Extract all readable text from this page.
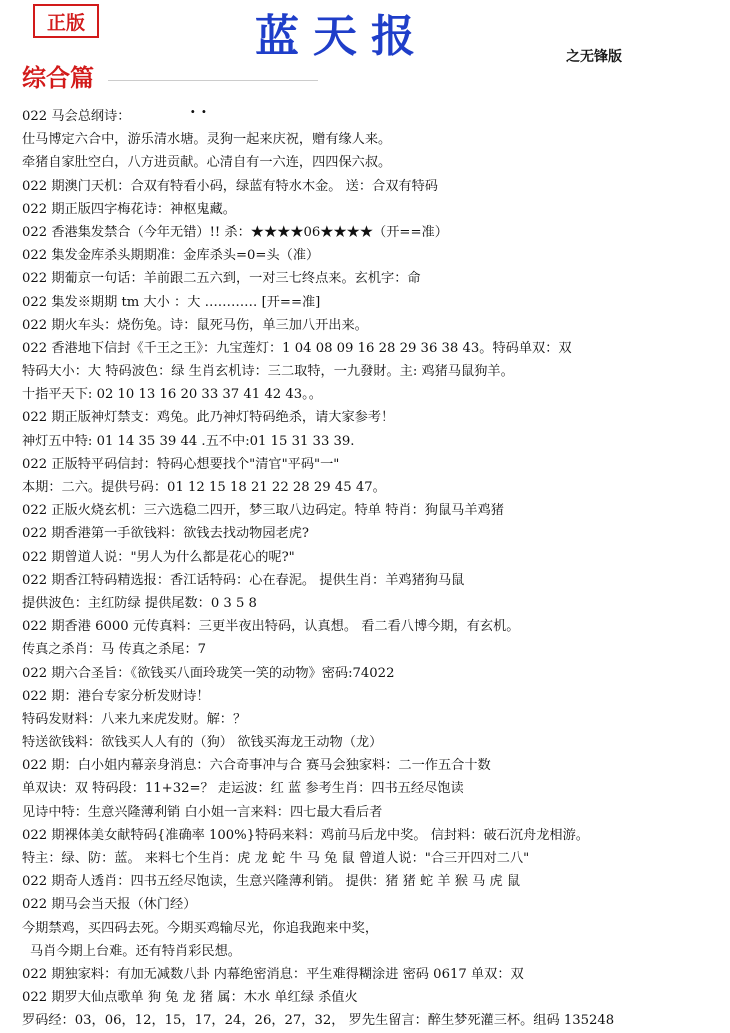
正版	蓝天报	之无锋版
综合篇
. .
022 马会总纲诗：
仕马博定六合中，游乐清水塘。灵狗一起来庆祝，赠有缘人来。
牵猪自家肚空白，八方进贡献。心清自有一六连，四四保六叔。
022 期澳门天机：合双有特看小码，绿蓝有特水木金。 送：合双有特码
022 期正版四字梅花诗：神枢鬼藏。
022 香港集发禁合（今年无错）!! 杀：★★★★06★★★★（开==准）
022 集发金库杀头期期准：金库杀头=0=头（准）
022 期葡京一句话：羊前跟二五六到，一对三七终点来。玄机字：命
022 集发※期期 tm 大小 ：大 ………… [开==准]
022 期火车头：烧伤兔。诗：鼠死马伤，单三加八开出来。
022 香港地下信封《千王之王》：九宝莲灯：1 04 08 09 16 28 29 36 38 43。特码单双：双
特码大小：大 特码波色：绿 生肖玄机诗：三二取特，一九發財。主: 鸡猪马鼠狗羊。
十指平天下: 02 10 13 16 20 33 37 41 42 43。。
022 期正版神灯禁支：鸡兔。此乃神灯特码绝杀，请大家参考！
神灯五中特: 01 14 35 39 44 .五不中:01 15 31 33 39.
022 正版特平码信封：特码心想要找个"清官"平码"一"
本期：二六。提供号码：01 12 15 18 21 22 28 29 45 47。
022 正版火烧玄机：三六选稳二四开，梦三取八边码定。特单 特肖：狗鼠马羊鸡猪
022 期香港第一手欲钱料：欲钱去找动物园老虎?
022 期曾道人说："男人为什么都是花心的呢?"
022 期香江特码精选报：香江话特码：心在春泥。 提供生肖：羊鸡猪狗马鼠
提供波色：主红防绿 提供尾数：0 3 5 8
022 期香港 6000 元传真料：三更半夜出特码，认真想。 看二看八博今期，有玄机。
传真之杀肖：马 传真之杀尾：7
022 期六合圣旨：《欲钱买八面玲珑笑一笑的动物》密码:74022
022 期：港台专家分析发财诗！
特码发财料：八来九来虎发财。解：？
特送欲钱料：欲钱买人人有的（狗） 欲钱买海龙王动物（龙）
022 期：白小姐内幕亲身消息：六合奇事冲与合 赛马会独家料：二一作五合十数
单双诀：双 特码段：11+32=？ 走运波：红 蓝 参考生肖：四书五经尽饱读
见诗中特：生意兴隆薄利销 白小姐一言来料：四七最大看后者
022 期裸体美女献特码{准确率 100%}特码来料：鸡前马后龙中奖。 信封料：破石沉舟龙相游。
特主：绿、防：蓝。 来料七个生肖：虎 龙 蛇 牛 马 兔 鼠 曾道人说："合三开四对二八"
022 期奇人透肖：四书五经尽饱读，生意兴隆薄利销。 提供：猪 猪 蛇 羊 猴 马 虎 鼠
022 期马会当天报（休门经）
今期禁鸡，买四码去死。今期买鸡输尽光，你追我跑来中奖，
马肖今期上台难。还有特肖彩民想。
022 期独家料：有加无减数八卦 内幕绝密消息：平生难得糊涂进 密码 0617 单双：双
022 期罗大仙点歌单 狗 兔 龙 猪 属：木水 单红绿 杀值火
罗码经：03，06，12，15，17，24，26，27，32， 罗先生留言：醉生梦死灌三杯。组码 135248
